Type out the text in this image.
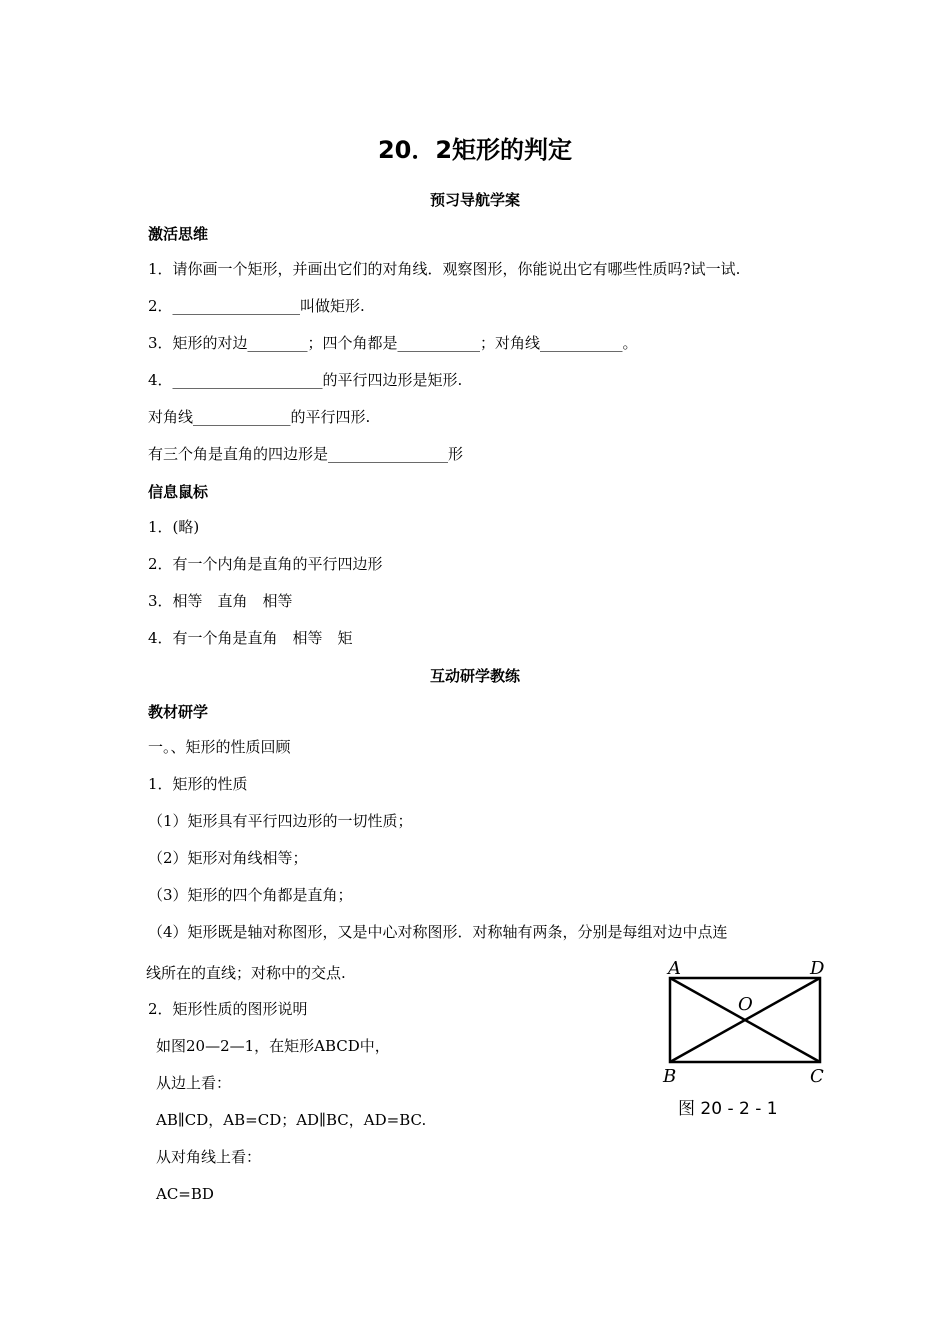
20．2矩形的判定
预习导航学案
激活思维
1．请你画一个矩形，并画出它们的对角线．观察图形，你能说出它有哪些性质吗?试一试.
2．_________________叫做矩形.
3．矩形的对边________；四个角都是___________；对角线___________。
4．____________________的平行四边形是矩形.
对角线_____________的平行四形.
有三个角是直角的四边形是________________形
信息鼠标
1．(略)
2．有一个内角是直角的平行四边形
3．相等　直角　相等
4．有一个角是直角　相等　矩
互动研学教练
教材研学
一。、矩形的性质回顾
1．矩形的性质
（1）矩形具有平行四边形的一切性质；
（2）矩形对角线相等；
（3）矩形的四个角都是直角；
（4）矩形既是轴对称图形，又是中心对称图形．对称轴有两条，分别是每组对边中点连
线所在的直线；对称中的交点.
2．矩形性质的图形说明
如图20—2—1，在矩形ABCD中，
从边上看：
AB∥CD，AB=CD；AD∥BC，AD=BC.
从对角线上看：
AC=BD
A	D
O
B	C
图 20 - 2 - 1
